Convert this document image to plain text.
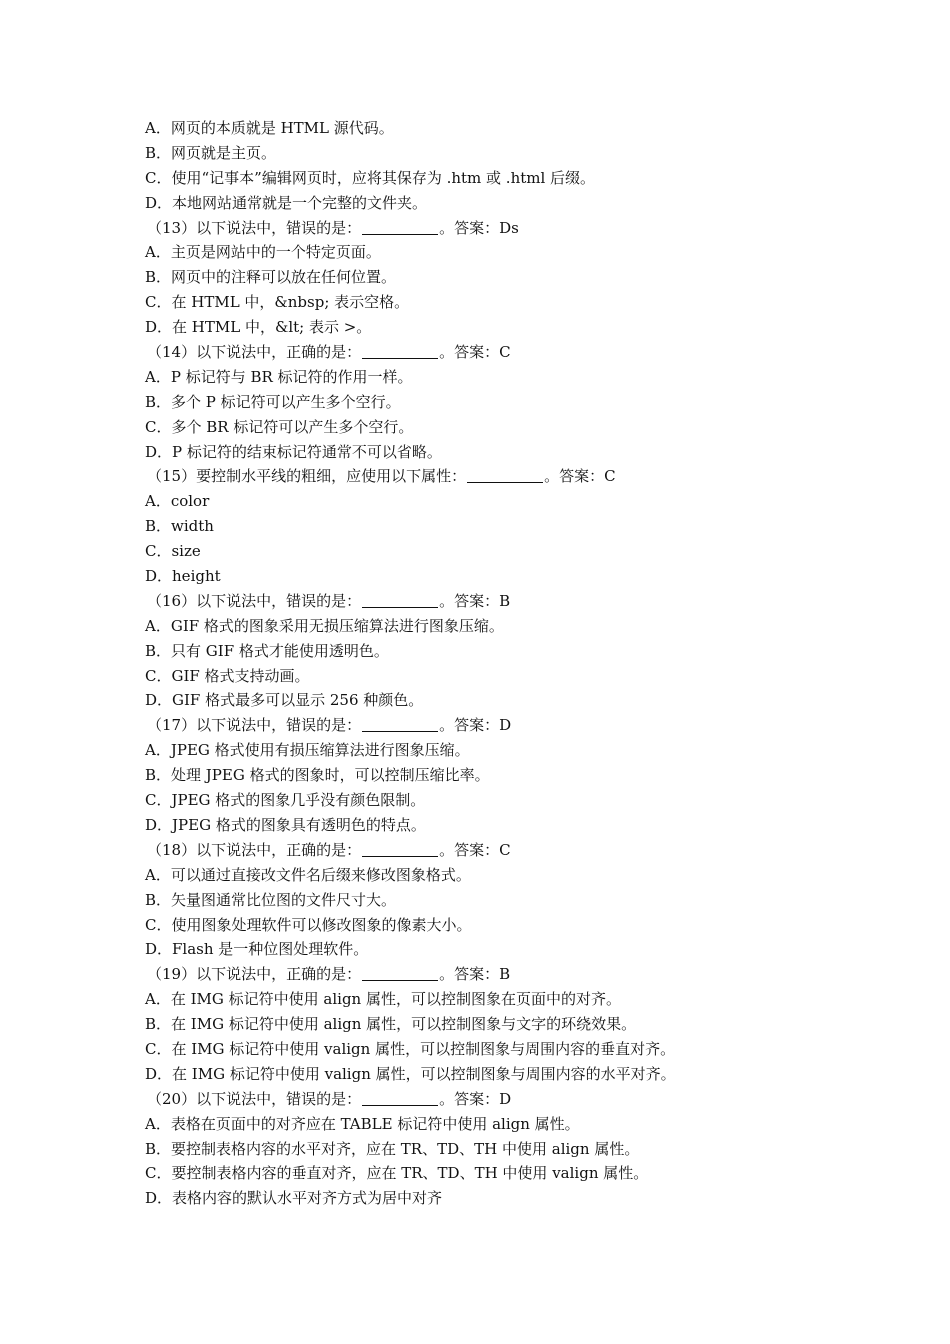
A．网页的本质就是 HTML 源代码。
B．网页就是主页。
C．使用“记事本”编辑网页时，应将其保存为 .htm 或 .html 后缀。
D．本地网站通常就是一个完整的文件夹。
（13）以下说法中，错误的是：	。答案：Ds
A．主页是网站中的一个特定页面。
B．网页中的注释可以放在任何位置。
C．在 HTML 中，&nbsp; 表示空格。
D．在 HTML 中，&lt; 表示 >。
（14）以下说法中，正确的是：	。答案：C
A．P 标记符与 BR 标记符的作用一样。
B．多个 P 标记符可以产生多个空行。
C．多个 BR 标记符可以产生多个空行。
D．P 标记符的结束标记符通常不可以省略。
（15）要控制水平线的粗细，应使用以下属性：	。答案：C
A．color
B．width
C．size
D．height
（16）以下说法中，错误的是：	。答案：B
A．GIF 格式的图象采用无损压缩算法进行图象压缩。
B．只有 GIF 格式才能使用透明色。
C．GIF 格式支持动画。
D．GIF 格式最多可以显示 256 种颜色。
（17）以下说法中，错误的是：	。答案：D
A．JPEG 格式使用有损压缩算法进行图象压缩。
B．处理 JPEG 格式的图象时，可以控制压缩比率。
C．JPEG 格式的图象几乎没有颜色限制。
D．JPEG 格式的图象具有透明色的特点。
（18）以下说法中，正确的是：	。答案：C
A．可以通过直接改文件名后缀来修改图象格式。
B．矢量图通常比位图的文件尺寸大。
C．使用图象处理软件可以修改图象的像素大小。
D．Flash 是一种位图处理软件。
（19）以下说法中，正确的是：	。答案：B
A．在 IMG 标记符中使用 align 属性，可以控制图象在页面中的对齐。
B．在 IMG 标记符中使用 align 属性，可以控制图象与文字的环绕效果。
C．在 IMG 标记符中使用 valign 属性，可以控制图象与周围内容的垂直对齐。
D．在 IMG 标记符中使用 valign 属性，可以控制图象与周围内容的水平对齐。
（20）以下说法中，错误的是：	。答案：D
A．表格在页面中的对齐应在 TABLE 标记符中使用 align 属性。
B．要控制表格内容的水平对齐，应在 TR、TD、TH 中使用 align 属性。
C．要控制表格内容的垂直对齐，应在 TR、TD、TH 中使用 valign 属性。
D．表格内容的默认水平对齐方式为居中对齐
